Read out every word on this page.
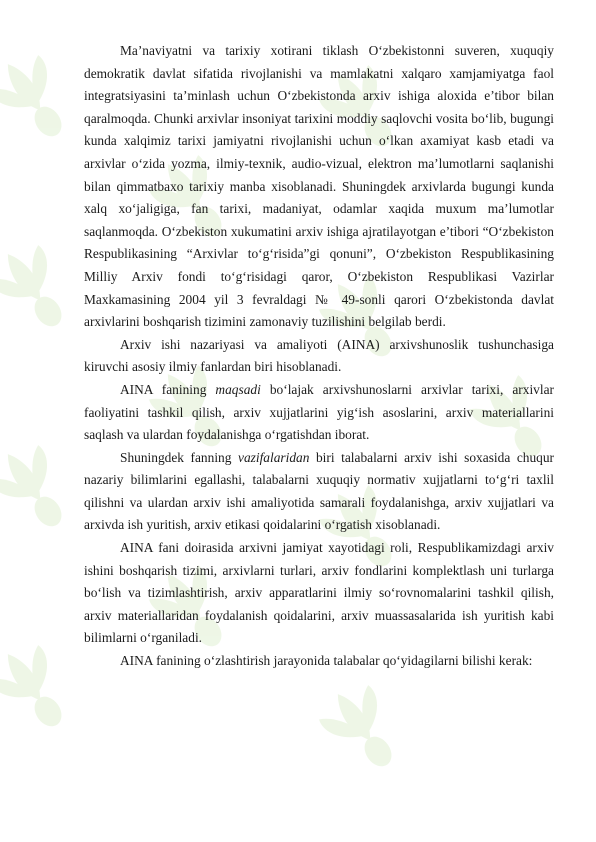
Ma’naviyatni va tarixiy xotirani tiklash O‘zbekistonni suveren, xuquqiy demokratik davlat sifatida rivojlanishi va mamlakatni xalqaro xamjamiyatga faol integratsiyasini ta’minlash uchun O‘zbekistonda arxiv ishiga aloxida e’tibor bilan qaralmoqda. Chunki arxivlar insoniyat tarixini moddiy saqlovchi vosita bo‘lib, bugungi kunda xalqimiz tarixi jamiyatni rivojlanishi uchun o‘lkan axamiyat kasb etadi va arxivlar o‘zida yozma, ilmiy-texnik, audio-vizual, elektron ma’lumotlarni saqlanishi bilan qimmatbaxo tarixiy manba xisoblanadi. Shuningdek arxivlarda bugungi kunda xalq xo‘jaligiga, fan tarixi, madaniyat, odamlar xaqida muxum ma’lumotlar saqlanmoqda. O‘zbekiston xukumatini arxiv ishiga ajratilayotgan e’tibori “O‘zbekiston Respublikasining “Arxivlar to‘g‘risida”gi qonuni”, O‘zbekiston Respublikasining Milliy Arxiv fondi to‘g‘risidagi qaror, O‘zbekiston Respublikasi Vazirlar Maxkamasining 2004 yil 3 fevraldagi № 49-sonli qarori O‘zbekistonda davlat arxivlarini boshqarish tizimini zamonaviy tuzilishini belgilab berdi.

Arxiv ishi nazariyasi va amaliyoti (AINA) arxivshunoslik tushunchasiga kiruvchi asosiy ilmiy fanlardan biri hisoblanadi.

AINA fanining maqsadi bo‘lajak arxivshunoslarni arxivlar tarixi, arxivlar faoliyatini tashkil qilish, arxiv xujjatlarini yig‘ish asoslarini, arxiv materiallarini saqlash va ulardan foydalanishga o‘rgatishdan iborat.

Shuningdek fanning vazifalaridan biri talabalarni arxiv ishi soxasida chuqur nazariy bilimlarini egallashi, talabalarni xuquqiy normativ xujjatlarni to‘g‘ri taxlil qilishni va ulardan arxiv ishi amaliyotida samarali foydalanishga, arxiv xujjatlari va arxivda ish yuritish, arxiv etikasi qoidalarini o‘rgatish xisoblanadi.

AINA fani doirasida arxivni jamiyat xayotidagi roli, Respublikamizdagi arxiv ishini boshqarish tizimi, arxivlarni turlari, arxiv fondlarini komplektlash uni turlarga bo‘lish va tizimlashtirish, arxiv apparatlarini ilmiy so‘rovnomalarini tashkil qilish, arxiv materiallaridan foydalanish qoidalarini, arxiv muassasalarida ish yuritish kabi bilimlarni o‘rganiladi.

AINA fanining o‘zlashtirish jarayonida talabalar qo‘yidagilarni bilishi kerak:
